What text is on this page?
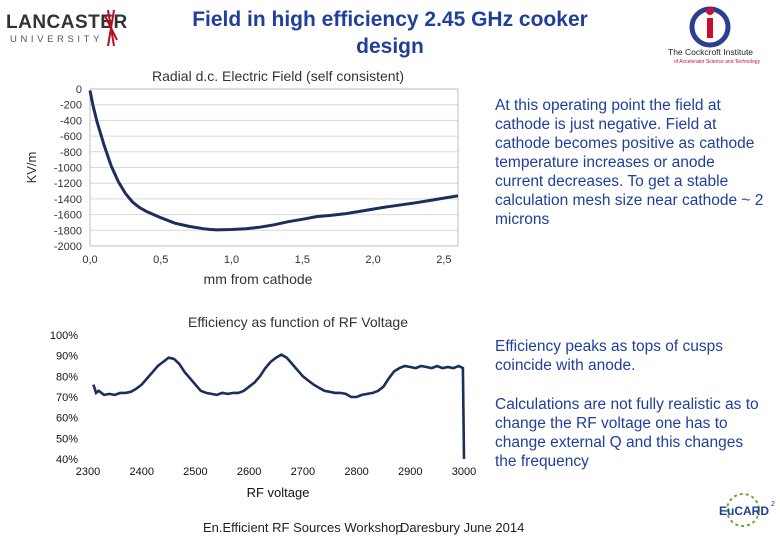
LANCASTER
UNIVERSITY
Field in high efficiency 2.45 GHz cooker
design	The Cockcroft Institute
of Accelerator Science and Technology
Radial d.c. Electric Field (self consistent)
0
-200
-400
-600
-800
-1000
-1200
-1400
-1600
-1800
-2000
0,0	0,5	1,0	1,5	2,0	2,5
KV/m
mm from cathode
At this operating point the field at cathode is just negative. Field at cathode becomes positive as cathode temperature increases or anode current decreases. To get a stable calculation mesh size near cathode ~ 2 microns
Efficiency as function of RF Voltage
100%
90%
80%
70%
60%
50%
40%
2300	2400	2500	2600	2700	2800	2900	3000
RF voltage
Efficiency peaks as tops of cusps coincide with anode.
Calculations are not fully realistic as to change the RF voltage one has to change external Q and this changes the frequency
En.Efficient RF Sources Workshop
Daresbury June 2014
EuCARD 2
